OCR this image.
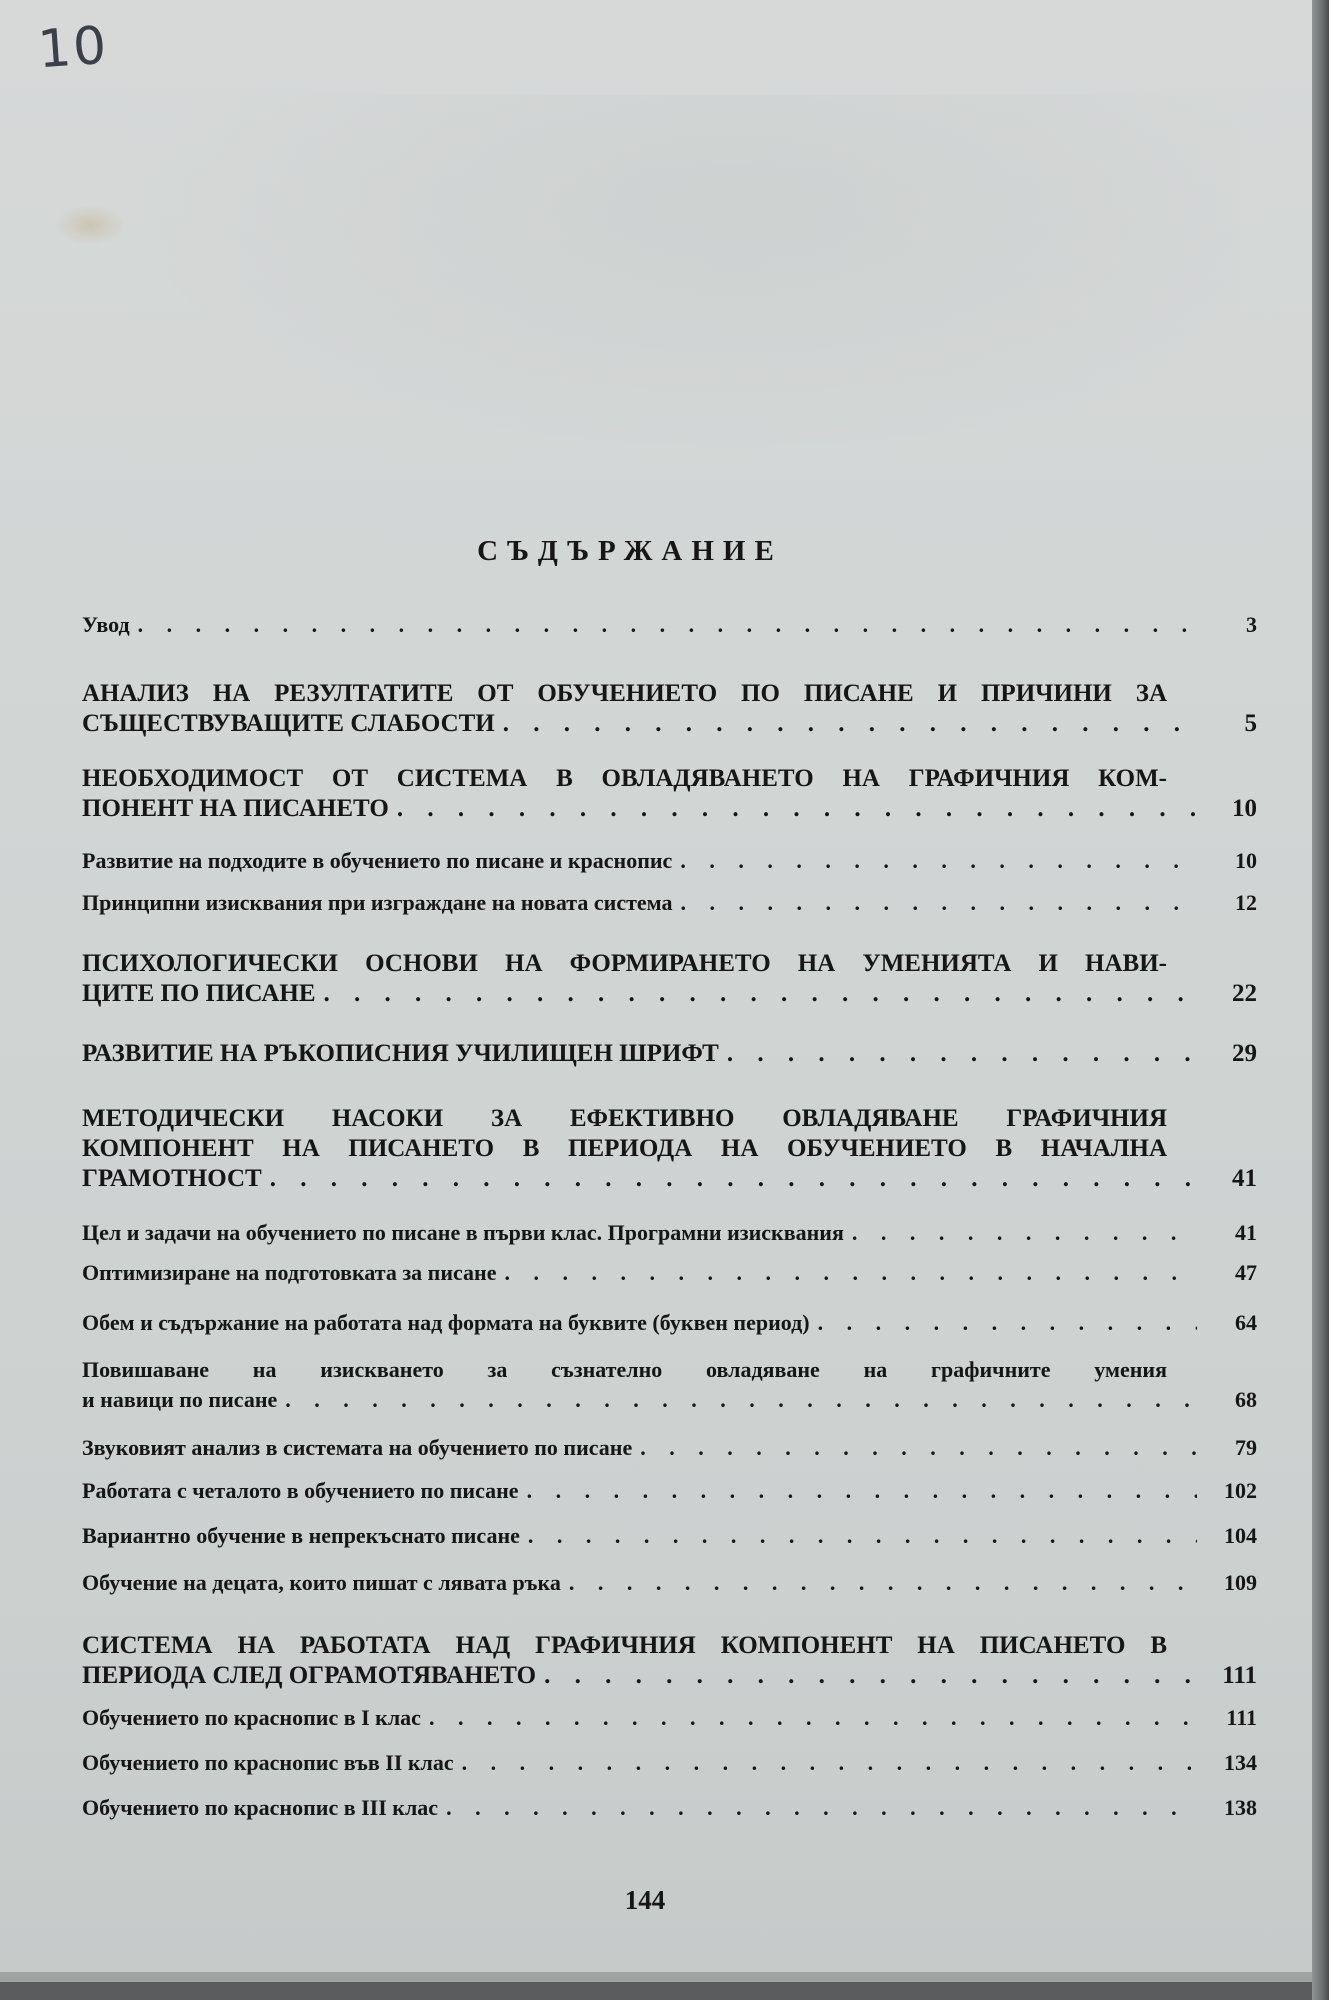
10
СЪДЪРЖАНИЕ
Увод . . .	3
АНАЛИЗ НА РЕЗУЛТАТИТЕ ОТ ОБУЧЕНИЕТО ПО ПИСАНЕ И ПРИЧИНИ ЗА
СЪЩЕСТВУВАЩИТЕ СЛАБОСТИ . . .	5
НЕОБХОДИМОСТ ОТ СИСТЕМА В ОВЛАДЯВАНЕТО НА ГРАФИЧНИЯ КОМ-
ПОНЕНТ НА ПИСАНЕТО . . .	10
Развитие на подходите в обучението по писане и краснопис . . .	10
Принципни изисквания при изграждане на новата система . . .	12
ПСИХОЛОГИЧЕСКИ ОСНОВИ НА ФОРМИРАНЕТО НА УМЕНИЯТА И НАВИ-
ЦИТЕ ПО ПИСАНЕ . . .	22
РАЗВИТИЕ НА РЪКОПИСНИЯ УЧИЛИЩЕН ШРИФТ . . .	29
МЕТОДИЧЕСКИ НАСОКИ ЗА ЕФЕКТИВНО ОВЛАДЯВАНЕ ГРАФИЧНИЯ
КОМПОНЕНТ НА ПИСАНЕТО В ПЕРИОДА НА ОБУЧЕНИЕТО В НАЧАЛНА
ГРАМОТНОСТ . . .	41
Цел и задачи на обучението по писане в първи клас. Програмни изисквания . . .	41
Оптимизиране на подготовката за писане . . .	47
Обем и съдържание на работата над формата на буквите (буквен период) . . .	64
Повишаване на изискването за съзнателно овладяване на графичните умения
и навици по писане . . .	68
Звуковият анализ в системата на обучението по писане . . .	79
Работата с четалото в обучението по писане . . .	102
Вариантно обучение в непрекъснато писане . . .	104
Обучение на децата, които пишат с лявата ръка . . .	109
СИСТЕМА НА РАБОТАТА НАД ГРАФИЧНИЯ КОМПОНЕНТ НА ПИСАНЕТО В
ПЕРИОДА СЛЕД ОГРАМОТЯВАНЕТО . . .	111
Обучението по краснопис в I клас . . .	111
Обучението по краснопис във II клас . . .	134
Обучението по краснопис в III клас . . .	138
144
